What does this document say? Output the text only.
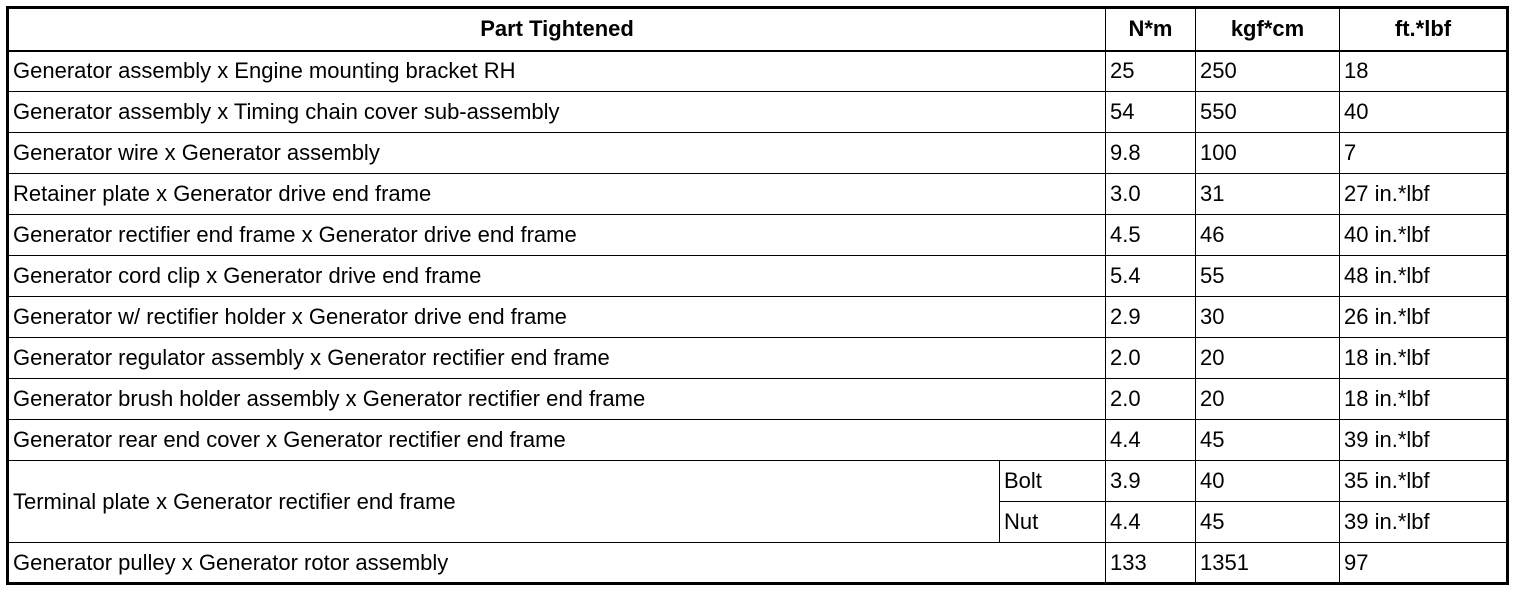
Part Tightened		N*m	kgf*cm	ft.*lbf
Generator assembly x Engine mounting bracket RH		25	250	18
Generator assembly x Timing chain cover sub-assembly		54	550	40
Generator wire x Generator assembly		9.8	100	7
Retainer plate x Generator drive end frame		3.0	31	27 in.*lbf
Generator rectifier end frame x Generator drive end frame		4.5	46	40 in.*lbf
Generator cord clip x Generator drive end frame		5.4	55	48 in.*lbf
Generator w/ rectifier holder x Generator drive end frame		2.9	30	26 in.*lbf
Generator regulator assembly x Generator rectifier end frame		2.0	20	18 in.*lbf
Generator brush holder assembly x Generator rectifier end frame		2.0	20	18 in.*lbf
Generator rear end cover x Generator rectifier end frame		4.4	45	39 in.*lbf
Terminal plate x Generator rectifier end frame	Bolt	3.9	40	35 in.*lbf
	Nut	4.4	45	39 in.*lbf
Generator pulley x Generator rotor assembly		133	1351	97
